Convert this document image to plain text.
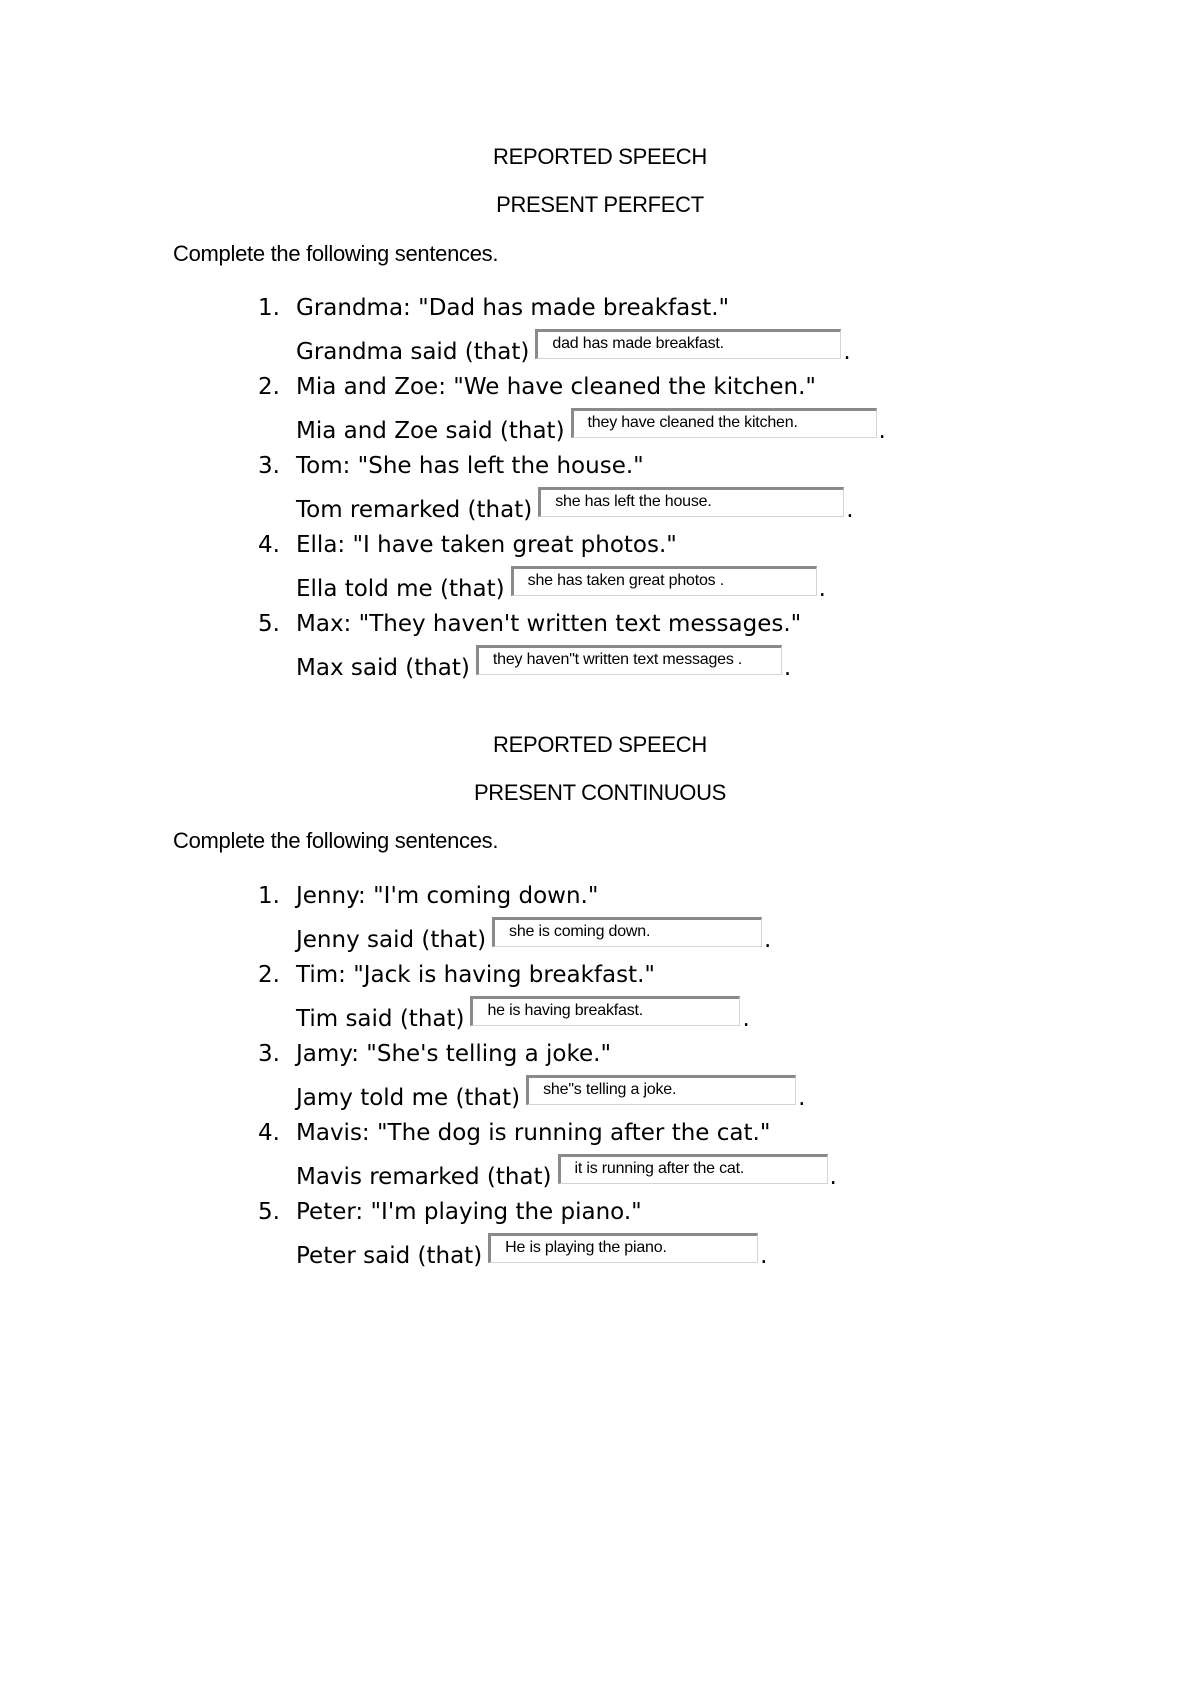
REPORTED SPEECH

PRESENT PERFECT

Complete the following sentences.

1. Grandma: "Dad has made breakfast."
Grandma said (that)	dad has made breakfast.	.
2. Mia and Zoe: "We have cleaned the kitchen."
Mia and Zoe said (that)	they have cleaned the kitchen.	.
3. Tom: "She has left the house."
Tom remarked (that)	she has left the house.	.
4. Ella: "I have taken great photos."
Ella told me (that)	she has taken great photos .	.
5. Max: "They haven't written text messages."
Max said (that)	they haven"t written text messages .	.

REPORTED SPEECH

PRESENT CONTINUOUS

Complete the following sentences.

1. Jenny: "I'm coming down."
Jenny said (that)	she is coming down.	.
2. Tim: "Jack is having breakfast."
Tim said (that)	he is having breakfast.	.
3. Jamy: "She's telling a joke."
Jamy told me (that)	she"s telling a joke.	.
4. Mavis: "The dog is running after the cat."
Mavis remarked (that)	it is running after the cat.	.
5. Peter: "I'm playing the piano."
Peter said (that)	He is playing the piano.	.
